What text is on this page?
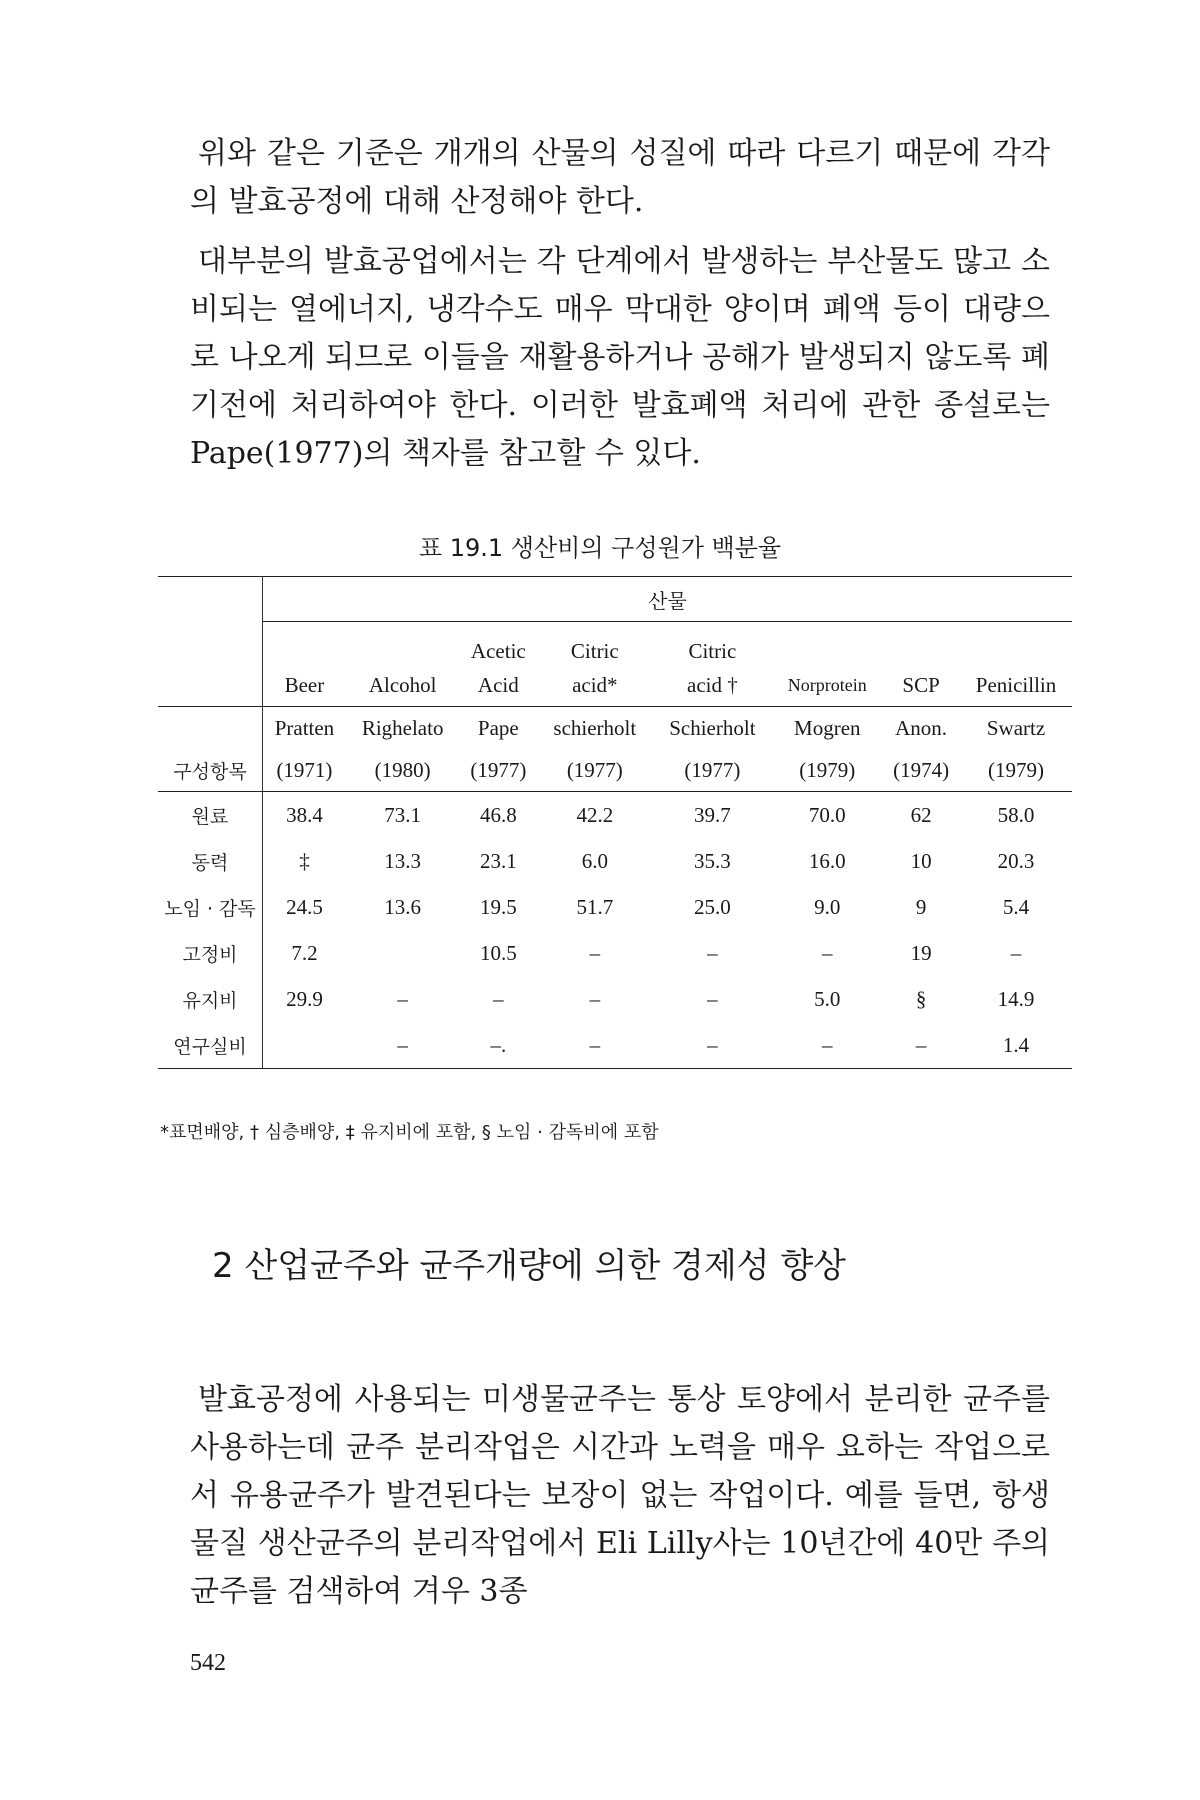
위와 같은 기준은 개개의 산물의 성질에 따라 다르기 때문에 각각의 발효공정에 대해 산정해야 한다.

대부분의 발효공업에서는 각 단계에서 발생하는 부산물도 많고 소비되는 열에너지, 냉각수도 매우 막대한 양이며 폐액 등이 대량으로 나오게 되므로 이들을 재활용하거나 공해가 발생되지 않도록 폐기전에 처리하여야 한다. 이러한 발효폐액 처리에 관한 종설로는 Pape(1977)의 책자를 참고할 수 있다.

표 19.1 생산비의 구성원가 백분율
	산물							
			Acetic	Citric	Citric			
	Beer	Alcohol	Acid	acid*	acid †	Norprotein	SCP	Penicillin
	Pratten	Righelato	Pape	schierholt	Schierholt	Mogren	Anon.	Swartz
구성항목	(1971)	(1980)	(1977)	(1977)	(1977)	(1979)	(1974)	(1979)
원료	38.4	73.1	46.8	42.2	39.7	70.0	62	58.0
동력	‡	13.3	23.1	6.0	35.3	16.0	10	20.3
노임 · 감독	24.5	13.6	19.5	51.7	25.0	9.0	9	5.4
고정비	7.2		10.5	–	–	–	19	–
유지비	29.9	–	–	–	–	5.0	§	14.9
연구실비		–	–.	–	–	–	–	1.4
*표면배양, † 심층배양, ‡ 유지비에 포함, § 노임 · 감독비에 포함
2 산업균주와 균주개량에 의한 경제성 향상

발효공정에 사용되는 미생물균주는 통상 토양에서 분리한 균주를 사용하는데 균주 분리작업은 시간과 노력을 매우 요하는 작업으로서 유용균주가 발견된다는 보장이 없는 작업이다. 예를 들면, 항생물질 생산균주의 분리작업에서 Eli Lilly사는 10년간에 40만 주의 균주를 검색하여 겨우 3종

542
